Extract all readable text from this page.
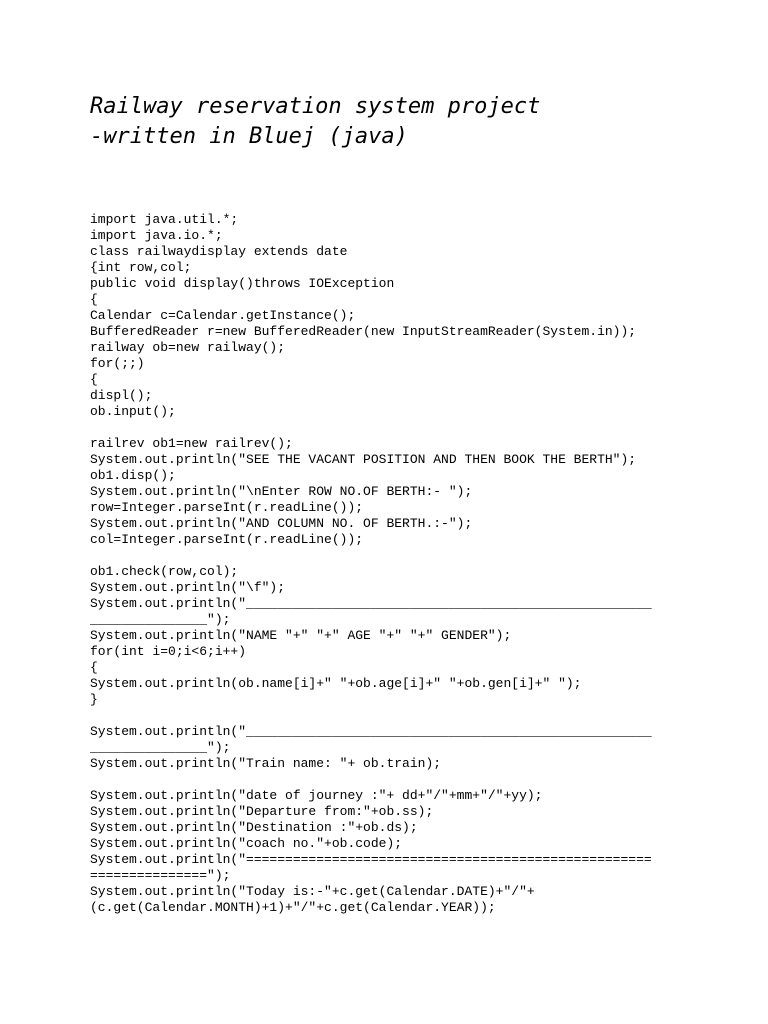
Railway reservation system project
-written in Bluej (java)
import java.util.*;
import java.io.*;
class railwaydisplay extends date
{int row,col;
public void display()throws IOException
{
Calendar c=Calendar.getInstance();
BufferedReader r=new BufferedReader(new InputStreamReader(System.in));
railway ob=new railway();
for(;;)
{
displ();
ob.input();
railrev ob1=new railrev();
System.out.println("SEE THE VACANT POSITION AND THEN BOOK THE BERTH");
ob1.disp();
System.out.println("\nEnter ROW NO.OF BERTH:- ");
row=Integer.parseInt(r.readLine());
System.out.println("AND COLUMN NO. OF BERTH.:-");
col=Integer.parseInt(r.readLine());
ob1.check(row,col);
System.out.println("\f");
System.out.println("____________________________________________________
_______________");
System.out.println("NAME "+" "+" AGE "+" "+" GENDER");
for(int i=0;i<6;i++)
{
System.out.println(ob.name[i]+" "+ob.age[i]+" "+ob.gen[i]+" ");
}
System.out.println("____________________________________________________
_______________");
System.out.println("Train name: "+ ob.train);
System.out.println("date of journey :"+ dd+"/"+mm+"/"+yy);
System.out.println("Departure from:"+ob.ss);
System.out.println("Destination :"+ob.ds);
System.out.println("coach no."+ob.code);
System.out.println("====================================================
===============");
System.out.println("Today is:-"+c.get(Calendar.DATE)+"/"+
(c.get(Calendar.MONTH)+1)+"/"+c.get(Calendar.YEAR));
